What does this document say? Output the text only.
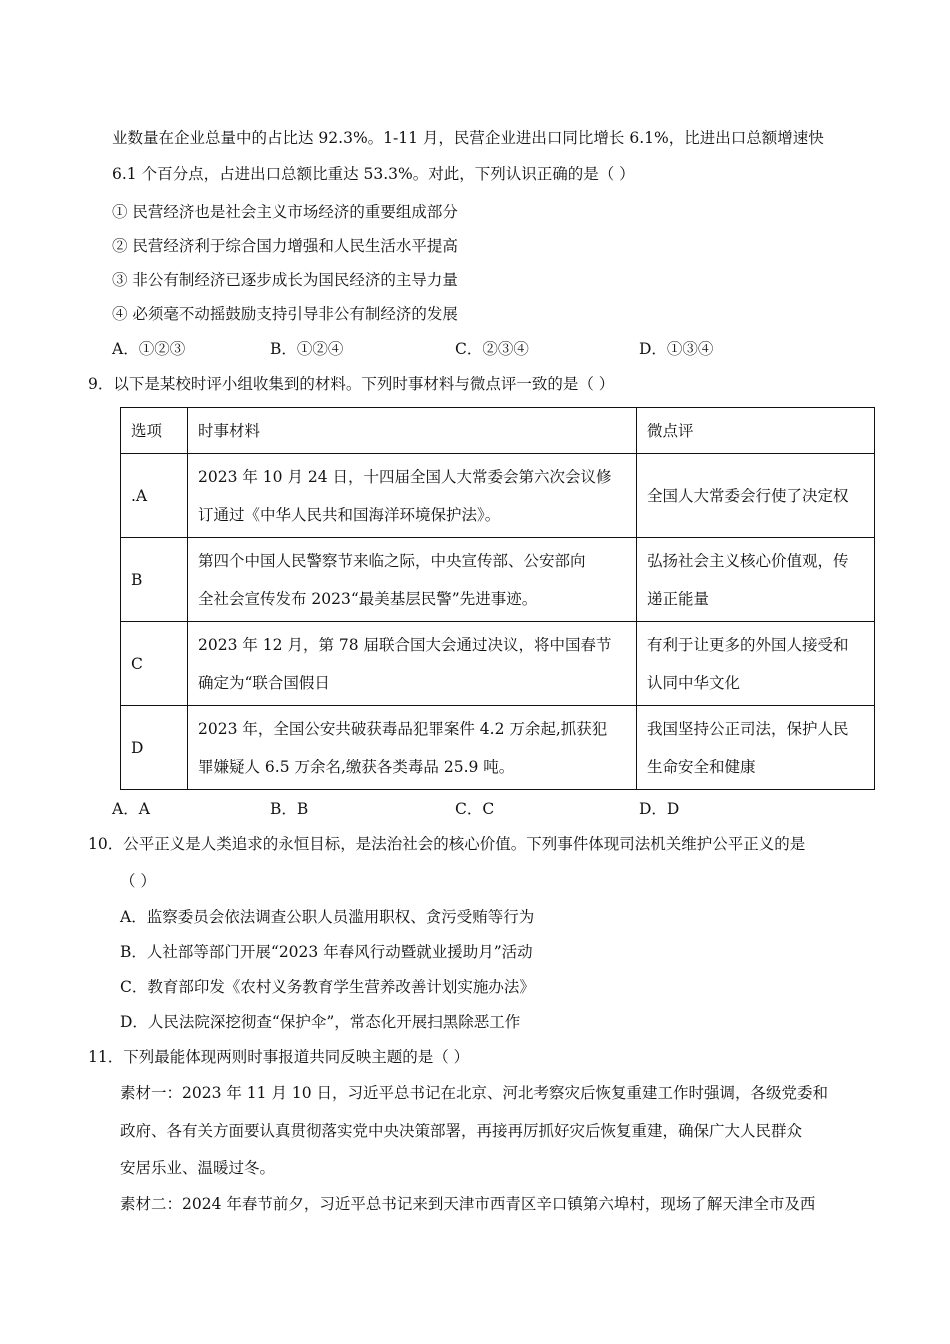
业数量在企业总量中的占比达 92.3%。1-11 月，民营企业进出口同比增长 6.1%，比进出口总额增速快
6.1 个百分点，占进出口总额比重达 53.3%。对此，下列认识正确的是（ ）
① 民营经济也是社会主义市场经济的重要组成部分
② 民营经济利于综合国力增强和人民生活水平提高
③ 非公有制经济已逐步成长为国民经济的主导力量
④ 必须毫不动摇鼓励支持引导非公有制经济的发展
A．①②③	B．①②④	C．②③④	D．①③④
9．以下是某校时评小组收集到的材料。下列时事材料与微点评一致的是（ ）
选项	时事材料	微点评
.A	2023 年 10 月 24 日，十四届全国人大常委会第六次会议修
订通过《中华人民共和国海洋环境保护法》。	全国人大常委会行使了决定权

B	第四个中国人民警察节来临之际，中央宣传部、公安部向
全社会宣传发布 2023“最美基层民警”先进事迹。	弘扬社会主义核心价值观，传
递正能量

C	2023 年 12 月，第 78 届联合国大会通过决议，将中国春节
确定为“联合国假日	有利于让更多的外国人接受和
认同中华文化

D	2023 年，全国公安共破获毒品犯罪案件 4.2 万余起,抓获犯
罪嫌疑人 6.5 万余名,缴获各类毒品 25.9 吨。	我国坚持公正司法，保护人民
生命安全和健康
A．A	B．B	C．C	D．D
10．公平正义是人类追求的永恒目标，是法治社会的核心价值。下列事件体现司法机关维护公平正义的是
（ ）
A．监察委员会依法调查公职人员滥用职权、贪污受贿等行为
B．人社部等部门开展“2023 年春风行动暨就业援助月”活动
C．教育部印发《农村义务教育学生营养改善计划实施办法》
D．人民法院深挖彻查“保护伞”，常态化开展扫黑除恶工作
11．下列最能体现两则时事报道共同反映主题的是（ ）
素材一：2023 年 11 月 10 日，习近平总书记在北京、河北考察灾后恢复重建工作时强调，各级党委和
政府、各有关方面要认真贯彻落实党中央决策部署，再接再厉抓好灾后恢复重建，确保广大人民群众
安居乐业、温暖过冬。
素材二：2024 年春节前夕，习近平总书记来到天津市西青区辛口镇第六埠村，现场了解天津全市及西
